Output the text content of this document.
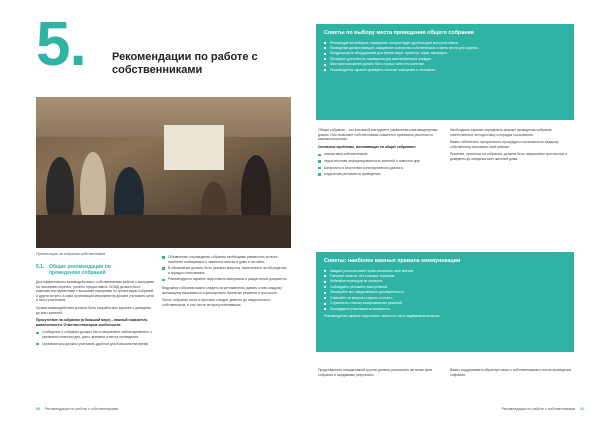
5. Рекомендации по работе с собственниками
Презентация на собрании собственников
5.1. Общие рекомендации по проведению собраний

Для эффективного взаимодействия с собственниками работы с жильцами на основании перечня, ролей и предоставить ОСМД должен быть разными инструментами с высокими позициями по организации собраний и других встреч, а сама организация мероприятия должна учитывать цели и типы участников.

Уровни взаимодействия должны быть проработаны заранее и доведены до всех жителей.

Присутствие на собрании (в большой мере) – важный показатель вовлеченности. Отметим некоторые особенности:

Сообщение о собрании должно быть направлено заблаговременно, с указанием повестки дня, даты, времени и места проведения.
Организаторы должны учитывать удобное для большинства время.
Объявление о проведении собрания необходимо разместить во всех наиболее посещаемых и заметных местах в доме и на сайте.
В объявлении должны быть указаны вопросы, вынесенные на обсуждение, и порядок голосования.
Рекомендуется заранее подготовить материалы и раздаточные документы.

Ведущему собрания важно следить за регламентом, давать слово каждому желающему высказаться и фиксировать принятые решения в протоколе.

После собрания итоги и протокол следует довести до сведения всех собственников, в том числе не присутствовавших.

50 Рекомендации по работе с собственниками
Советы по выбору места проведения общего собрания
Рекомендуется выбирать помещение, которое будет удобным для всех участников.
Помещение должно вмещать ожидаемое количество собственников и иметь места для сидения.
Предусмотрите оборудование для презентации: проектор, экран, микрофон.
Проверьте доступность помещения для маломобильных граждан.
Месторасположение должно быть хорошо известно жителям.
Рекомендуется заранее проверить наличие освещения и отопления.

Общее собрание – это ключевой инструмент управления многоквартирным домом. Оно позволяет собственникам совместно принимать решения по важным вопросам.

Основные проблемы, возникающие на общих собраниях:

низкая явка собственников;
недостаточная информированность жителей о повестке дня;
конфликты и отсутствие конструктивного диалога;
нарушение регламента проведения.

Необходимо заранее определить формат проведения собрания, ответственных за подготовку и порядок голосования.

Важно обеспечить прозрачность процедуры и возможность каждому собственнику высказать своё мнение.

Решения, принятые на собрании, должны быть оформлены протоколом и доведены до сведения всех жителей дома.

Советы: наиболее важные правила коммуникации
Каждый участник имеет право высказать своё мнение.
Говорите понятно, без сложных терминов.
Избегайте переходов на личности.
Соблюдайте регламент выступлений.
Фиксируйте все предложения и договорённости.
Отвечайте на вопросы открыто и честно.
Стремитесь к поиску компромиссных решений.
Благодарите участников за активность.
Рекомендуется заранее подготовить ответы на часто задаваемые вопросы.

Представители инициативной группы должны разъяснить жителям цели собрания и ожидаемые результаты.

Важно поддерживать обратную связь с собственниками и после проведения собрания.

Рекомендации по работе с собственниками 51
